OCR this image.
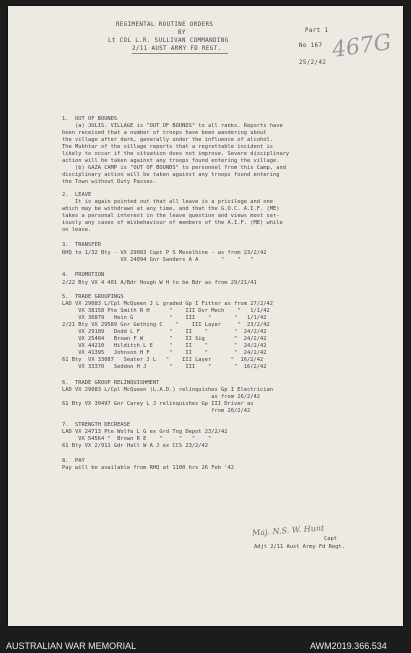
REGIMENTAL ROUTINE ORDERS
BY
Lt COL L.R. SULLIVAN COMMANDING
2/11 AUST ARMY FD REGT.
Part 1
No 167
25/2/42 467G
1.  OUT OF BOUNDS
(a) JULIS. VILLAGE is "OUT OF BOUNDS" to all ranks. Reports have
been received that a number of troops have been wandering about
the village after dark, generally under the influence of alcohol.
The Mukhtar of the village reports that a regrettable incident is
likely to occur if the situation does not improve. Severe disciplinary
action will be taken against any troops found entering the village.
(b) GAZA CAMP is "OUT OF BOUNDS" to personnel from this Camp, and
disciplinary action will be taken against any troops found entering
the Town without Duty Passes.
2.  LEAVE
It is again pointed out that all leave is a privilege and one
which may be withdrawn at any time, and that the G.O.C. A.I.F. (ME)
takes a personal interest in the leave question and views most ser-
iously any cases of misbehaviour of members of the A.I.F. (ME) while
on leave.
3.  TRANSFER
RHQ to 1/32 Bty - VX 29083 Capt P S Meselhine - as from 23/2/42
VX 24094 Gnr Sanders A A       "    "   "
4.  PROMOTION
2/22 Bty VX 4 401 A/Bdr Hough W H to be Bdr as from 29/21/41
5.  TRADE GROUPINGS
LAD VX 29083 L/Cpl McQueen J L graded Gp I Fitter as from 27/2/42
VX 38158 Pte Smith R H      "    III Dvr Mech    "   1/1/42
VX 36879   Hein G           "    III    "       "   1/1/42
2/21 Bty VX 29589 Gnr Gething C    "    III Layer     "  23/2/42
VX 29189   Dodd L F         "    II    "        "  24/2/42
VX 25484   Brown F W        "    II Sig         "  24/2/42
VX 44210   Hilditch L E     "    II    "        "  24/2/42
VX 41395   Johnson H F      "    II    "        "  24/2/42
61 Bty  VX 33087   Seater J L   "    III Layer      "  16/2/42
VX 33370   Seddon H J       "    III    "       "  16/2/42
6.  TRADE GROUP RELINQUISHMENT
LAD VX 29083 L/Cpl McQueen (L.A.D.) relinquishes Gp I Electrician
as from 26/2/42
61 Bty VX 30497 Gnr Carey L J relinquishes Gp III Driver as
from 26/2/42
7.  STRENGTH DECREASE
LAD VX 24713 Pte Wolfe L G ex Grd Tng Depot 23/2/42
VX 54564 "  Brown R E    "     "   "    "
61 Bty VX 2/911 Gdr Hall W A J ex CCS 23/2/42
8.  PAY
Pay will be available from RHQ at 1100 hrs 26 Feb '42
Maj. N.S. W. Hunt
Capt
Adjt 2/11 Aust Army Fd Regt.
AUSTRALIAN WAR MEMORIAL	AWM2019.366.534
